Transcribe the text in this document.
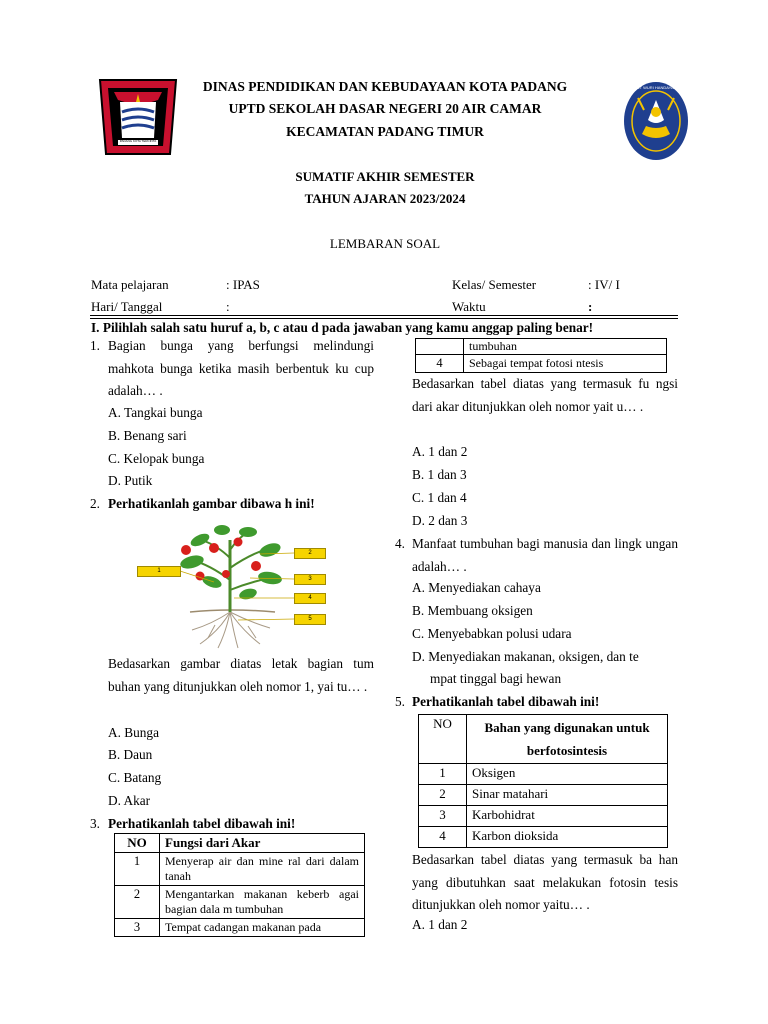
PADANG KOTA TERCINTA
TUT WURI HANDAYANI
DINAS PENDIDIKAN DAN KEBUDAYAAN KOTA PADANG
UPTD SEKOLAH DASAR NEGERI 20 AIR CAMAR
KECAMATAN PADANG TIMUR
SUMATIF AKHIR SEMESTER
TAHUN AJARAN 2023/2024
LEMBARAN SOAL
Mata pelajaran	: IPAS	Kelas/ Semester	: IV/ I
Hari/ Tanggal	:	Waktu	:
I. Pilihlah salah satu huruf a, b, c atau d pada jawaban yang kamu anggap paling benar!
1. Bagian bunga yang berfungsi melindungi mahkota bunga ketika masih berbentuk ku cup adalah… .
A. Tangkai bunga
B. Benang sari
C. Kelopak bunga
D. Putik
2. Perhatikanlah gambar dibawa h ini!
1
2
3
4
5
Bedasarkan gambar diatas letak bagian tum buhan yang ditunjukkan oleh nomor 1, yai tu… .
A. Bunga
B. Daun
C. Batang
D. Akar
3. Perhatikanlah tabel dibawah ini!
NO	Fungsi dari Akar
1	Menyerap air dan mine ral dari dalam tanah
2	Mengantarkan makanan keberb agai bagian dala m tumbuhan
3	Tempat cadangan makanan pada
	tumbuhan
4	Sebagai tempat fotosi ntesis
Bedasarkan tabel diatas yang termasuk fu ngsi dari akar ditunjukkan oleh nomor yait u… .
A. 1 dan 2
B. 1 dan 3
C. 1 dan 4
D. 2 dan 3
4. Manfaat tumbuhan bagi manusia dan lingk ungan adalah… .
A. Menyediakan cahaya
B. Membuang oksigen
C. Menyebabkan polusi udara
D. Menyediakan makanan, oksigen, dan te
mpat tinggal bagi hewan
5. Perhatikanlah tabel dibawah ini!
NO	Bahan yang digunakan untuk berfotosintesis
1	Oksigen
2	Sinar matahari
3	Karbohidrat
4	Karbon dioksida
Bedasarkan tabel diatas yang termasuk ba han yang dibutuhkan saat melakukan fotosin tesis ditunjukkan oleh nomor yaitu… .
A. 1 dan 2
